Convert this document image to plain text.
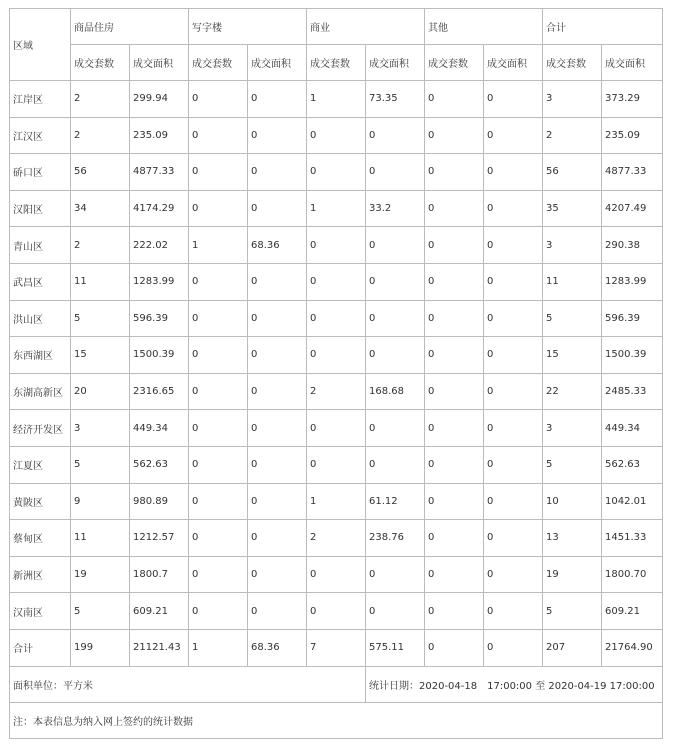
区域	商品住房		写字楼		商业		其他		合计	
	成交套数	成交面积	成交套数	成交面积	成交套数	成交面积	成交套数	成交面积	成交套数	成交面积
江岸区	2	299.94	0	0	1	73.35	0	0	3	373.29
江汉区	2	235.09	0	0	0	0	0	0	2	235.09
硚口区	56	4877.33	0	0	0	0	0	0	56	4877.33
汉阳区	34	4174.29	0	0	1	33.2	0	0	35	4207.49
青山区	2	222.02	1	68.36	0	0	0	0	3	290.38
武昌区	11	1283.99	0	0	0	0	0	0	11	1283.99
洪山区	5	596.39	0	0	0	0	0	0	5	596.39
东西湖区	15	1500.39	0	0	0	0	0	0	15	1500.39
东湖高新区	20	2316.65	0	0	2	168.68	0	0	22	2485.33
经济开发区	3	449.34	0	0	0	0	0	0	3	449.34
江夏区	5	562.63	0	0	0	0	0	0	5	562.63
黄陂区	9	980.89	0	0	1	61.12	0	0	10	1042.01
蔡甸区	11	1212.57	0	0	2	238.76	0	0	13	1451.33
新洲区	19	1800.7	0	0	0	0	0	0	19	1800.70
汉南区	5	609.21	0	0	0	0	0	0	5	609.21
合计	199	21121.43	1	68.36	7	575.11	0	0	207	21764.90
面积单位：平方米						统计日期：2020-04-18　17:00:00 至 2020-04-19 17:00:00				
注：本表信息为纳入网上签约的统计数据										
